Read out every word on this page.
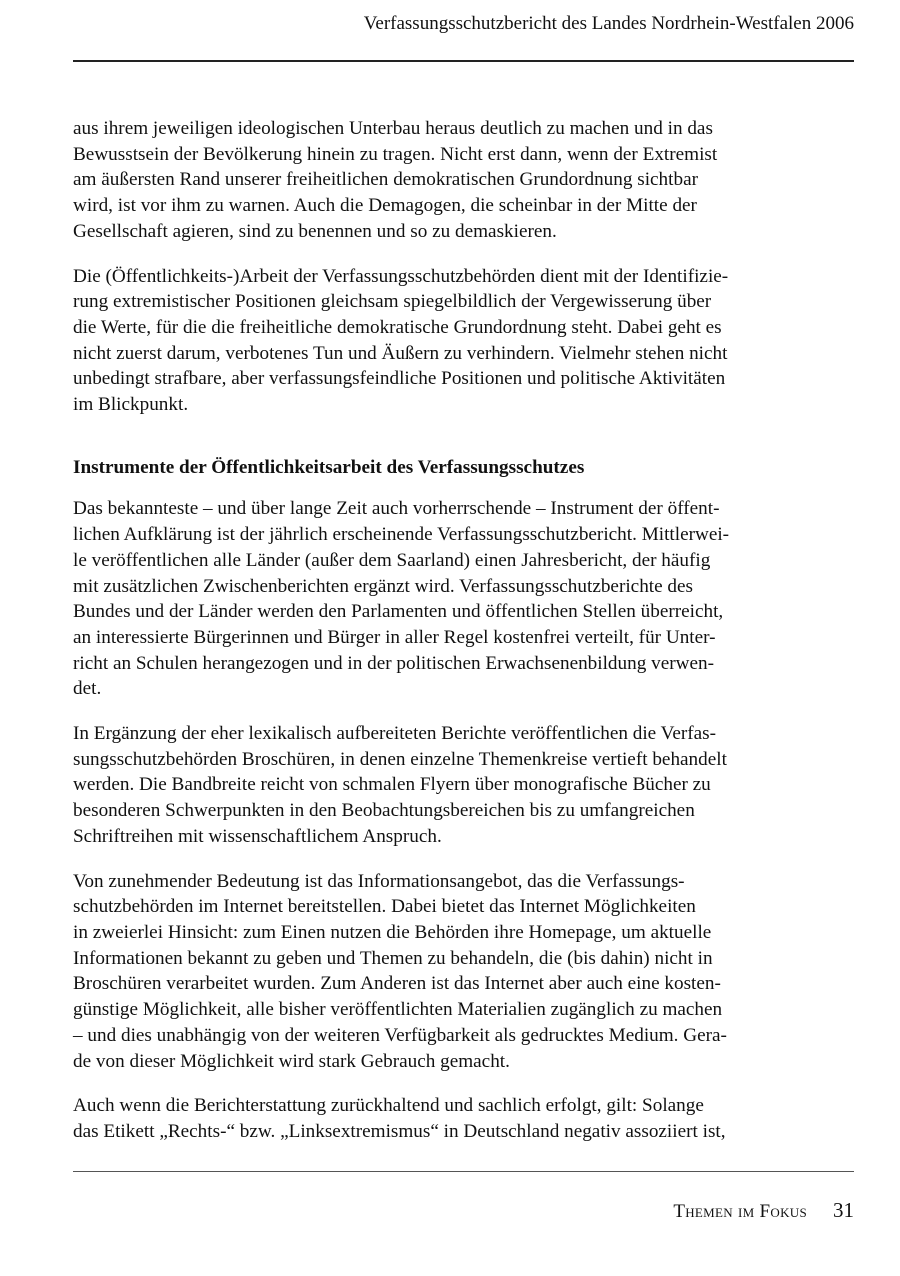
Verfassungsschutzbericht des Landes Nordrhein-Westfalen 2006

aus ihrem jeweiligen ideologischen Unterbau heraus deutlich zu machen und in das
Bewusstsein der Bevölkerung hinein zu tragen. Nicht erst dann, wenn der Extremist
am äußersten Rand unserer freiheitlichen demokratischen Grundordnung sichtbar
wird, ist vor ihm zu warnen. Auch die Demagogen, die scheinbar in der Mitte der
Gesellschaft agieren, sind zu benennen und so zu demaskieren.

Die (Öffentlichkeits-)Arbeit der Verfassungsschutzbehörden dient mit der Identifizie-
rung extremistischer Positionen gleichsam spiegelbildlich der Vergewisserung über
die Werte, für die die freiheitliche demokratische Grundordnung steht. Dabei geht es
nicht zuerst darum, verbotenes Tun und Äußern zu verhindern. Vielmehr stehen nicht
unbedingt strafbare, aber verfassungsfeindliche Positionen und politische Aktivitäten
im Blickpunkt.

Instrumente der Öffentlichkeitsarbeit des Verfassungsschutzes

Das bekannteste – und über lange Zeit auch vorherrschende – Instrument der öffent-
lichen Aufklärung ist der jährlich erscheinende Verfassungsschutzbericht. Mittlerwei-
le veröffentlichen alle Länder (außer dem Saarland) einen Jahresbericht, der häufig
mit zusätzlichen Zwischenberichten ergänzt wird. Verfassungsschutzberichte des
Bundes und der Länder werden den Parlamenten und öffentlichen Stellen überreicht,
an interessierte Bürgerinnen und Bürger in aller Regel kostenfrei verteilt, für Unter-
richt an Schulen herangezogen und in der politischen Erwachsenenbildung verwen-
det.

In Ergänzung der eher lexikalisch aufbereiteten Berichte veröffentlichen die Verfas-
sungsschutzbehörden Broschüren, in denen einzelne Themenkreise vertieft behandelt
werden. Die Bandbreite reicht von schmalen Flyern über monografische Bücher zu
besonderen Schwerpunkten in den Beobachtungsbereichen bis zu umfangreichen
Schriftreihen mit wissenschaftlichem Anspruch.

Von zunehmender Bedeutung ist das Informationsangebot, das die Verfassungs-
schutzbehörden im Internet bereitstellen. Dabei bietet das Internet Möglichkeiten
in zweierlei Hinsicht: zum Einen nutzen die Behörden ihre Homepage, um aktuelle
Informationen bekannt zu geben und Themen zu behandeln, die (bis dahin) nicht in
Broschüren verarbeitet wurden. Zum Anderen ist das Internet aber auch eine kosten-
günstige Möglichkeit, alle bisher veröffentlichten Materialien zugänglich zu machen
– und dies unabhängig von der weiteren Verfügbarkeit als gedrucktes Medium. Gera-
de von dieser Möglichkeit wird stark Gebrauch gemacht.

Auch wenn die Berichterstattung zurückhaltend und sachlich erfolgt, gilt: Solange
das Etikett „Rechts-“ bzw. „Linksextremismus“ in Deutschland negativ assoziiert ist,

Themen im Fokus 31
